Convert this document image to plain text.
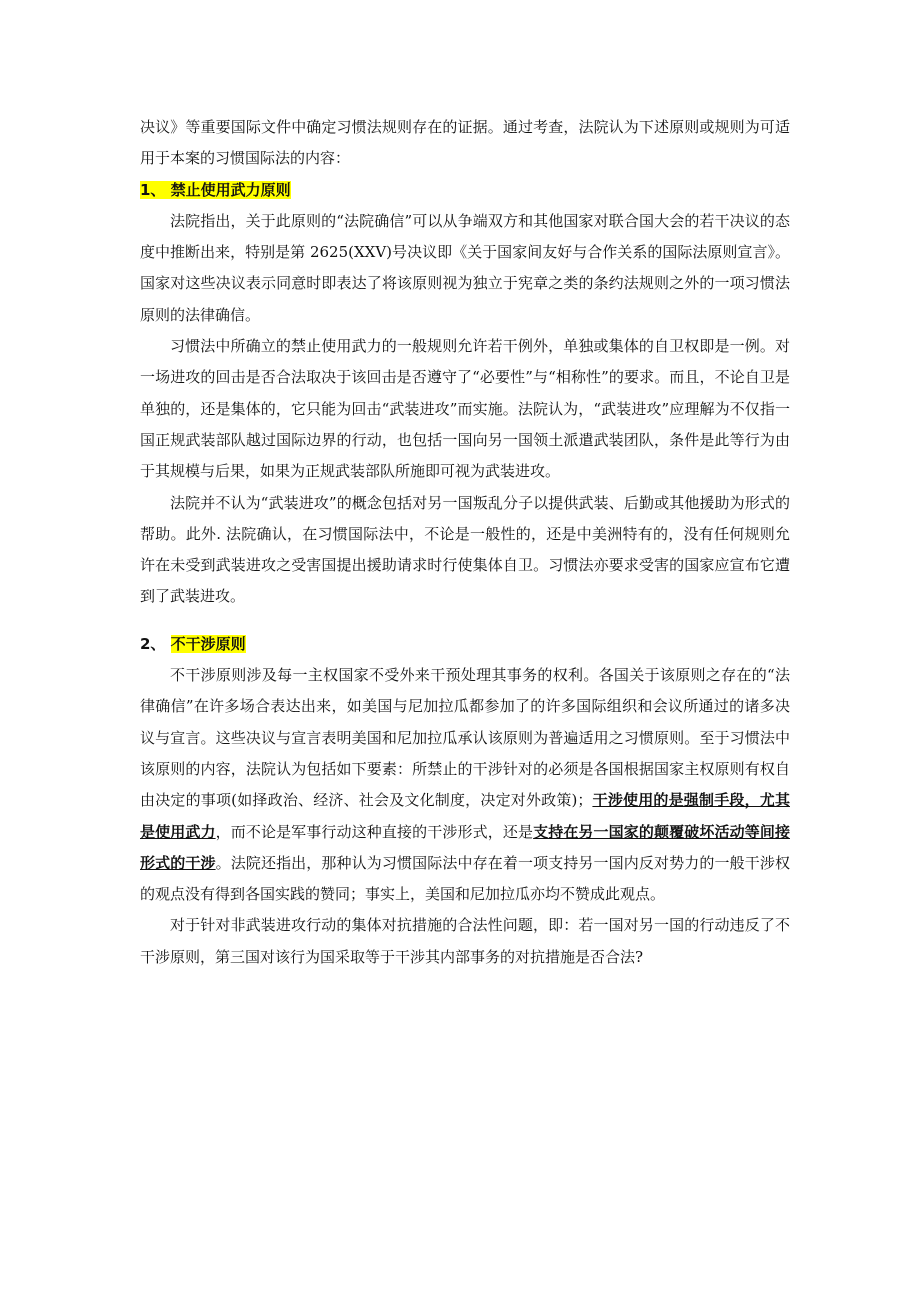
决议》等重要国际文件中确定习惯法规则存在的证据。通过考查，法院认为下述原则或规则为可适用于本案的习惯国际法的内容：

1、 禁止使用武力原则

法院指出，关于此原则的“法院确信”可以从争端双方和其他国家对联合国大会的若干决议的态度中推断出来，特别是第 2625(XXV)号决议即《关于国家间友好与合作关系的国际法原则宣言》。国家对这些决议表示同意时即表达了将该原则视为独立于宪章之类的条约法规则之外的一项习惯法原则的法律确信。

习惯法中所确立的禁止使用武力的一般规则允许若干例外，单独或集体的自卫权即是一例。对一场进攻的回击是否合法取决于该回击是否遵守了“必要性”与“相称性”的要求。而且，不论自卫是单独的，还是集体的，它只能为回击“武装进攻”而实施。法院认为，“武装进攻”应理解为不仅指一国正规武装部队越过国际边界的行动，也包括一国向另一国领土派遣武装团队，条件是此等行为由于其规模与后果，如果为正规武装部队所施即可视为武装进攻。

法院并不认为“武装进攻”的概念包括对另一国叛乱分子以提供武装、后勤或其他援助为形式的帮助。此外. 法院确认，在习惯国际法中，不论是一般性的，还是中美洲特有的，没有任何规则允许在未受到武装进攻之受害国提出援助请求时行使集体自卫。习惯法亦要求受害的国家应宣布它遭到了武装进攻。

2、 不干涉原则

不干涉原则涉及每一主权国家不受外来干预处理其事务的权利。各国关于该原则之存在的“法律确信”在许多场合表达出来，如美国与尼加拉瓜都参加了的许多国际组织和会议所通过的诸多决议与宣言。这些决议与宣言表明美国和尼加拉瓜承认该原则为普遍适用之习惯原则。至于习惯法中该原则的内容，法院认为包括如下要素：所禁止的干涉针对的必须是各国根据国家主权原则有权自由决定的事项(如择政治、经济、社会及文化制度，决定对外政策)；干涉使用的是强制手段，尤其是使用武力，而不论是军事行动这种直接的干涉形式，还是支持在另一国家的颠覆破坏活动等间接形式的干涉。法院还指出，那种认为习惯国际法中存在着一项支持另一国内反对势力的一般干涉权的观点没有得到各国实践的赞同；事实上，美国和尼加拉瓜亦均不赞成此观点。

对于针对非武装进攻行动的集体对抗措施的合法性问题，即：若一国对另一国的行动违反了不干涉原则，第三国对该行为国采取等于干涉其内部事务的对抗措施是否合法?
